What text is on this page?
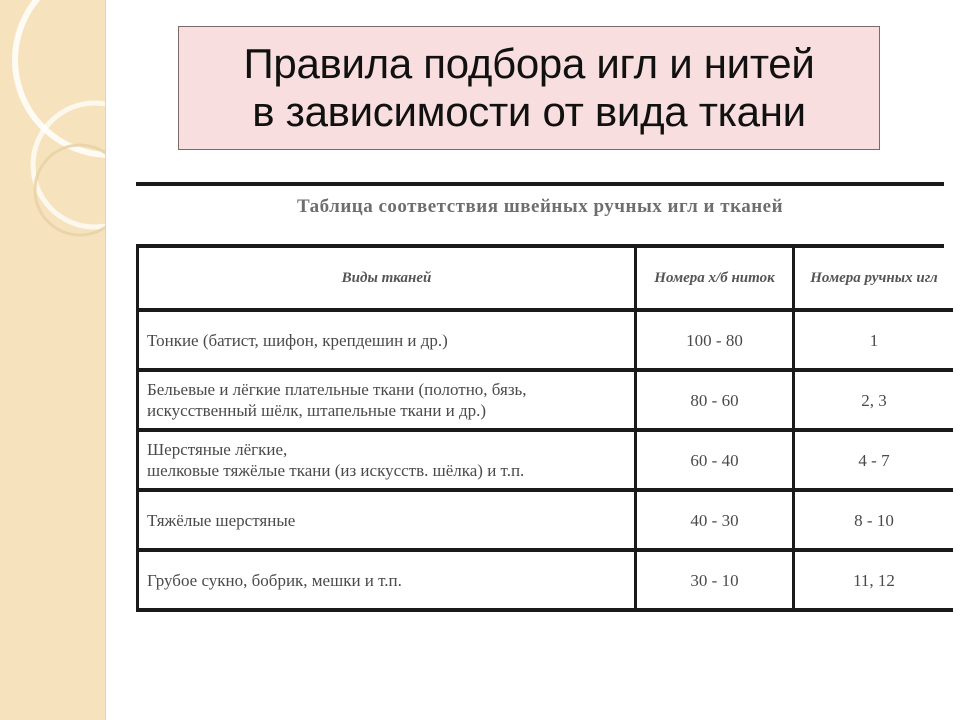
Правила подбора игл и нитей
в зависимости от вида ткани
Таблица соответствия швейных ручных игл и тканей
Виды тканей	Номера х/б ниток	Номера ручных игл

Тонкие (батист, шифон, крепдешин и др.)	100 - 80	1

Бельевые и лёгкие плательные ткани (полотно, бязь,
искусственный шёлк, штапельные ткани и др.)	80 - 60	2, 3

Шерстяные лёгкие,
шелковые тяжёлые ткани (из искусств. шёлка) и т.п.	60 - 40	4 - 7

Тяжёлые шерстяные	40 - 30	8 - 10

Грубое сукно, бобрик, мешки и т.п.	30 - 10	11, 12
